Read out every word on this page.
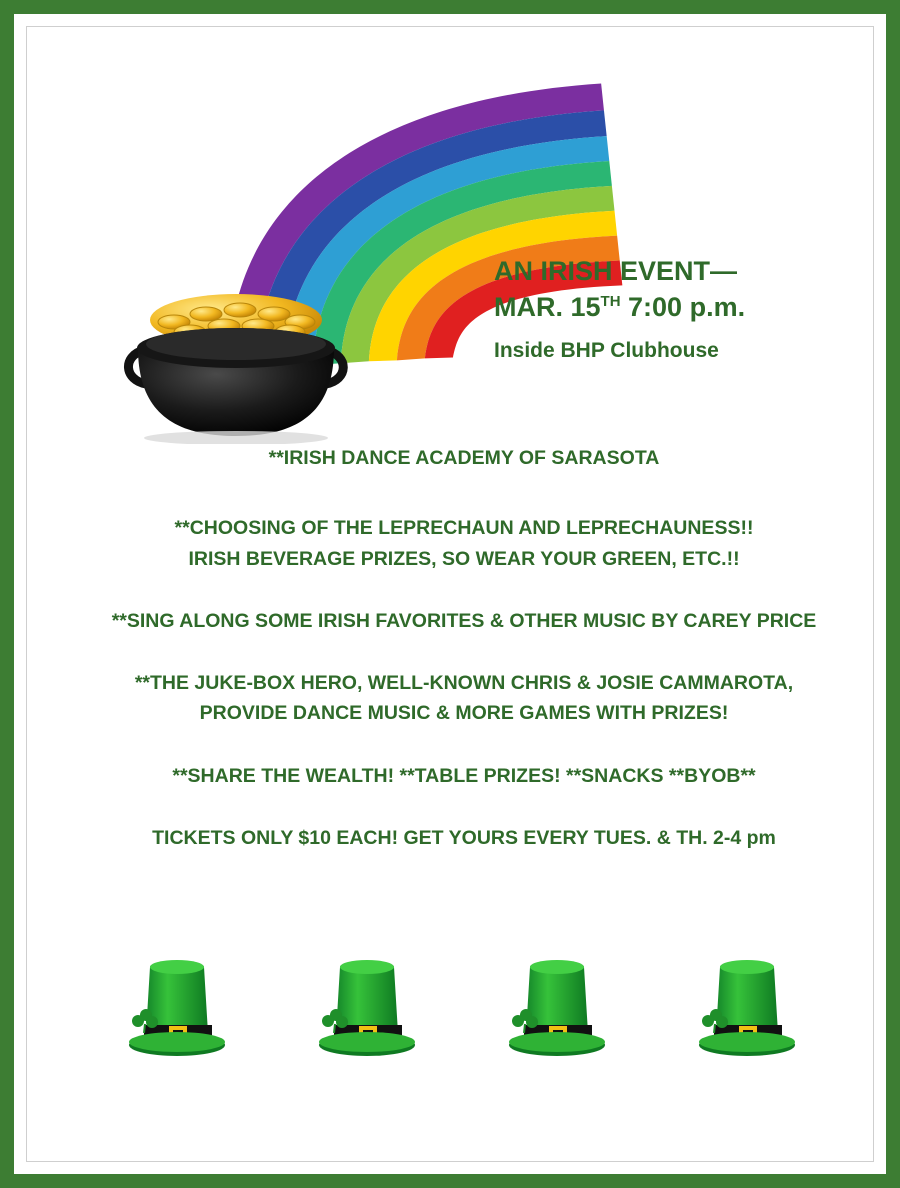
AN IRISH EVENT—
MAR. 15TH 7:00 p.m.
Inside BHP Clubhouse
**IRISH DANCE ACADEMY OF SARASOTA
**CHOOSING OF THE LEPRECHAUN AND LEPRECHAUNESS!!
IRISH BEVERAGE PRIZES, SO WEAR YOUR GREEN, ETC.!!
**SING ALONG SOME IRISH FAVORITES & OTHER MUSIC BY CAREY PRICE
**THE JUKE-BOX HERO, WELL-KNOWN CHRIS & JOSIE CAMMAROTA,
PROVIDE DANCE MUSIC & MORE GAMES WITH PRIZES!
**SHARE THE WEALTH! **TABLE PRIZES! **SNACKS **BYOB**
TICKETS ONLY $10 EACH! GET YOURS EVERY TUES. & TH. 2-4 pm
